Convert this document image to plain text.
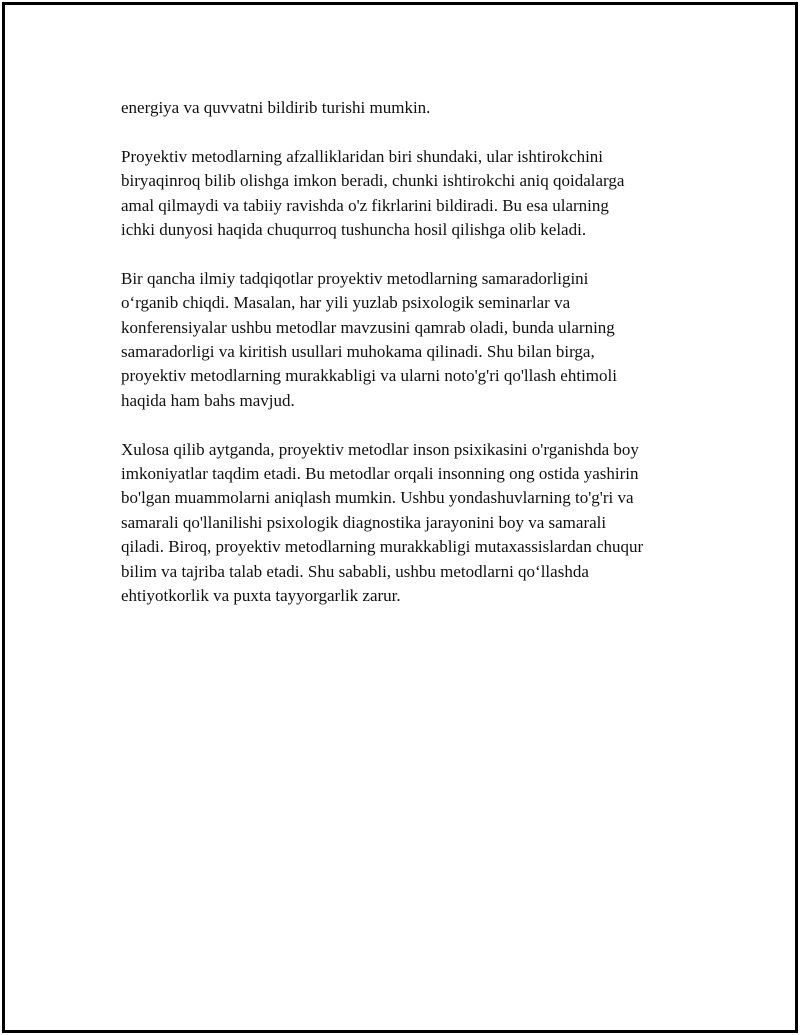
energiya va quvvatni bildirib turishi mumkin.

Proyektiv metodlarning afzalliklaridan biri shundaki, ular ishtirokchini
biryaqinroq bilib olishga imkon beradi, chunki ishtirokchi aniq qoidalarga
amal qilmaydi va tabiiy ravishda o'z fikrlarini bildiradi. Bu esa ularning
ichki dunyosi haqida chuqurroq tushuncha hosil qilishga olib keladi.

Bir qancha ilmiy tadqiqotlar proyektiv metodlarning samaradorligini
o‘rganib chiqdi. Masalan, har yili yuzlab psixologik seminarlar va
konferensiyalar ushbu metodlar mavzusini qamrab oladi, bunda ularning
samaradorligi va kiritish usullari muhokama qilinadi. Shu bilan birga,
proyektiv metodlarning murakkabligi va ularni noto'g'ri qo'llash ehtimoli
haqida ham bahs mavjud.

Xulosa qilib aytganda, proyektiv metodlar inson psixikasini o'rganishda boy
imkoniyatlar taqdim etadi. Bu metodlar orqali insonning ong ostida yashirin
bo'lgan muammolarni aniqlash mumkin. Ushbu yondashuvlarning to'g'ri va
samarali qo'llanilishi psixologik diagnostika jarayonini boy va samarali
qiladi. Biroq, proyektiv metodlarning murakkabligi mutaxassislardan chuqur
bilim va tajriba talab etadi. Shu sababli, ushbu metodlarni qo‘llashda
ehtiyotkorlik va puxta tayyorgarlik zarur.
